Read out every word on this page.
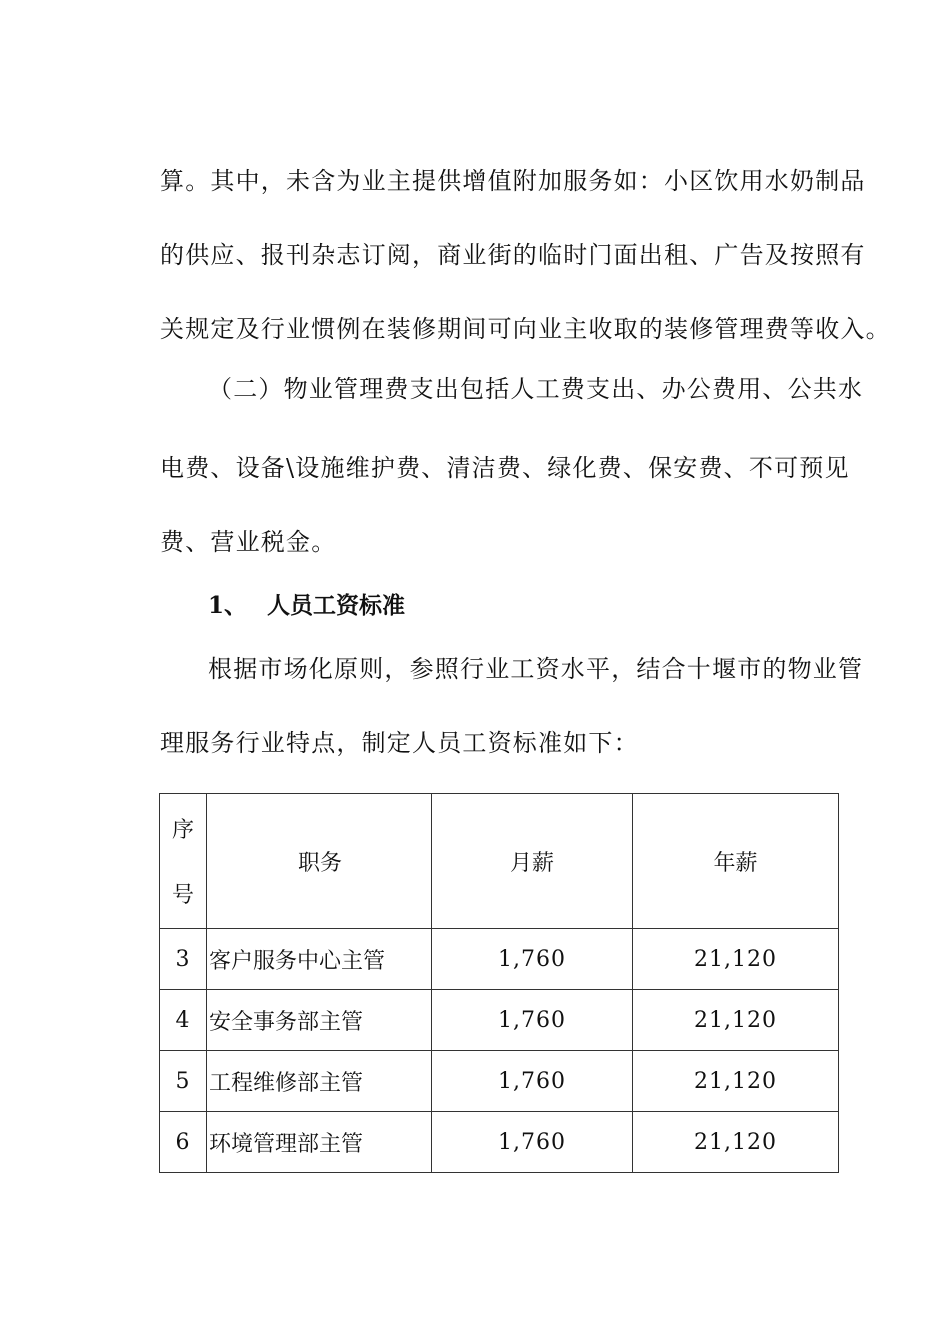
算。其中，未含为业主提供增值附加服务如：小区饮用水奶制品
的供应、报刊杂志订阅，商业街的临时门面出租、广告及按照有
关规定及行业惯例在装修期间可向业主收取的装修管理费等收入。
（二）物业管理费支出包括人工费支出、办公费用、公共水
电费、设备\设施维护费、清洁费、绿化费、保安费、不可预见
费、营业税金。
1、 人员工资标准
根据市场化原则，参照行业工资水平，结合十堰市的物业管
理服务行业特点，制定人员工资标准如下：
序
号	职务	月薪	年薪
3	客户服务中心主管	1,760	21,120
4	安全事务部主管	1,760	21,120
5	工程维修部主管	1,760	21,120
6	环境管理部主管	1,760	21,120
